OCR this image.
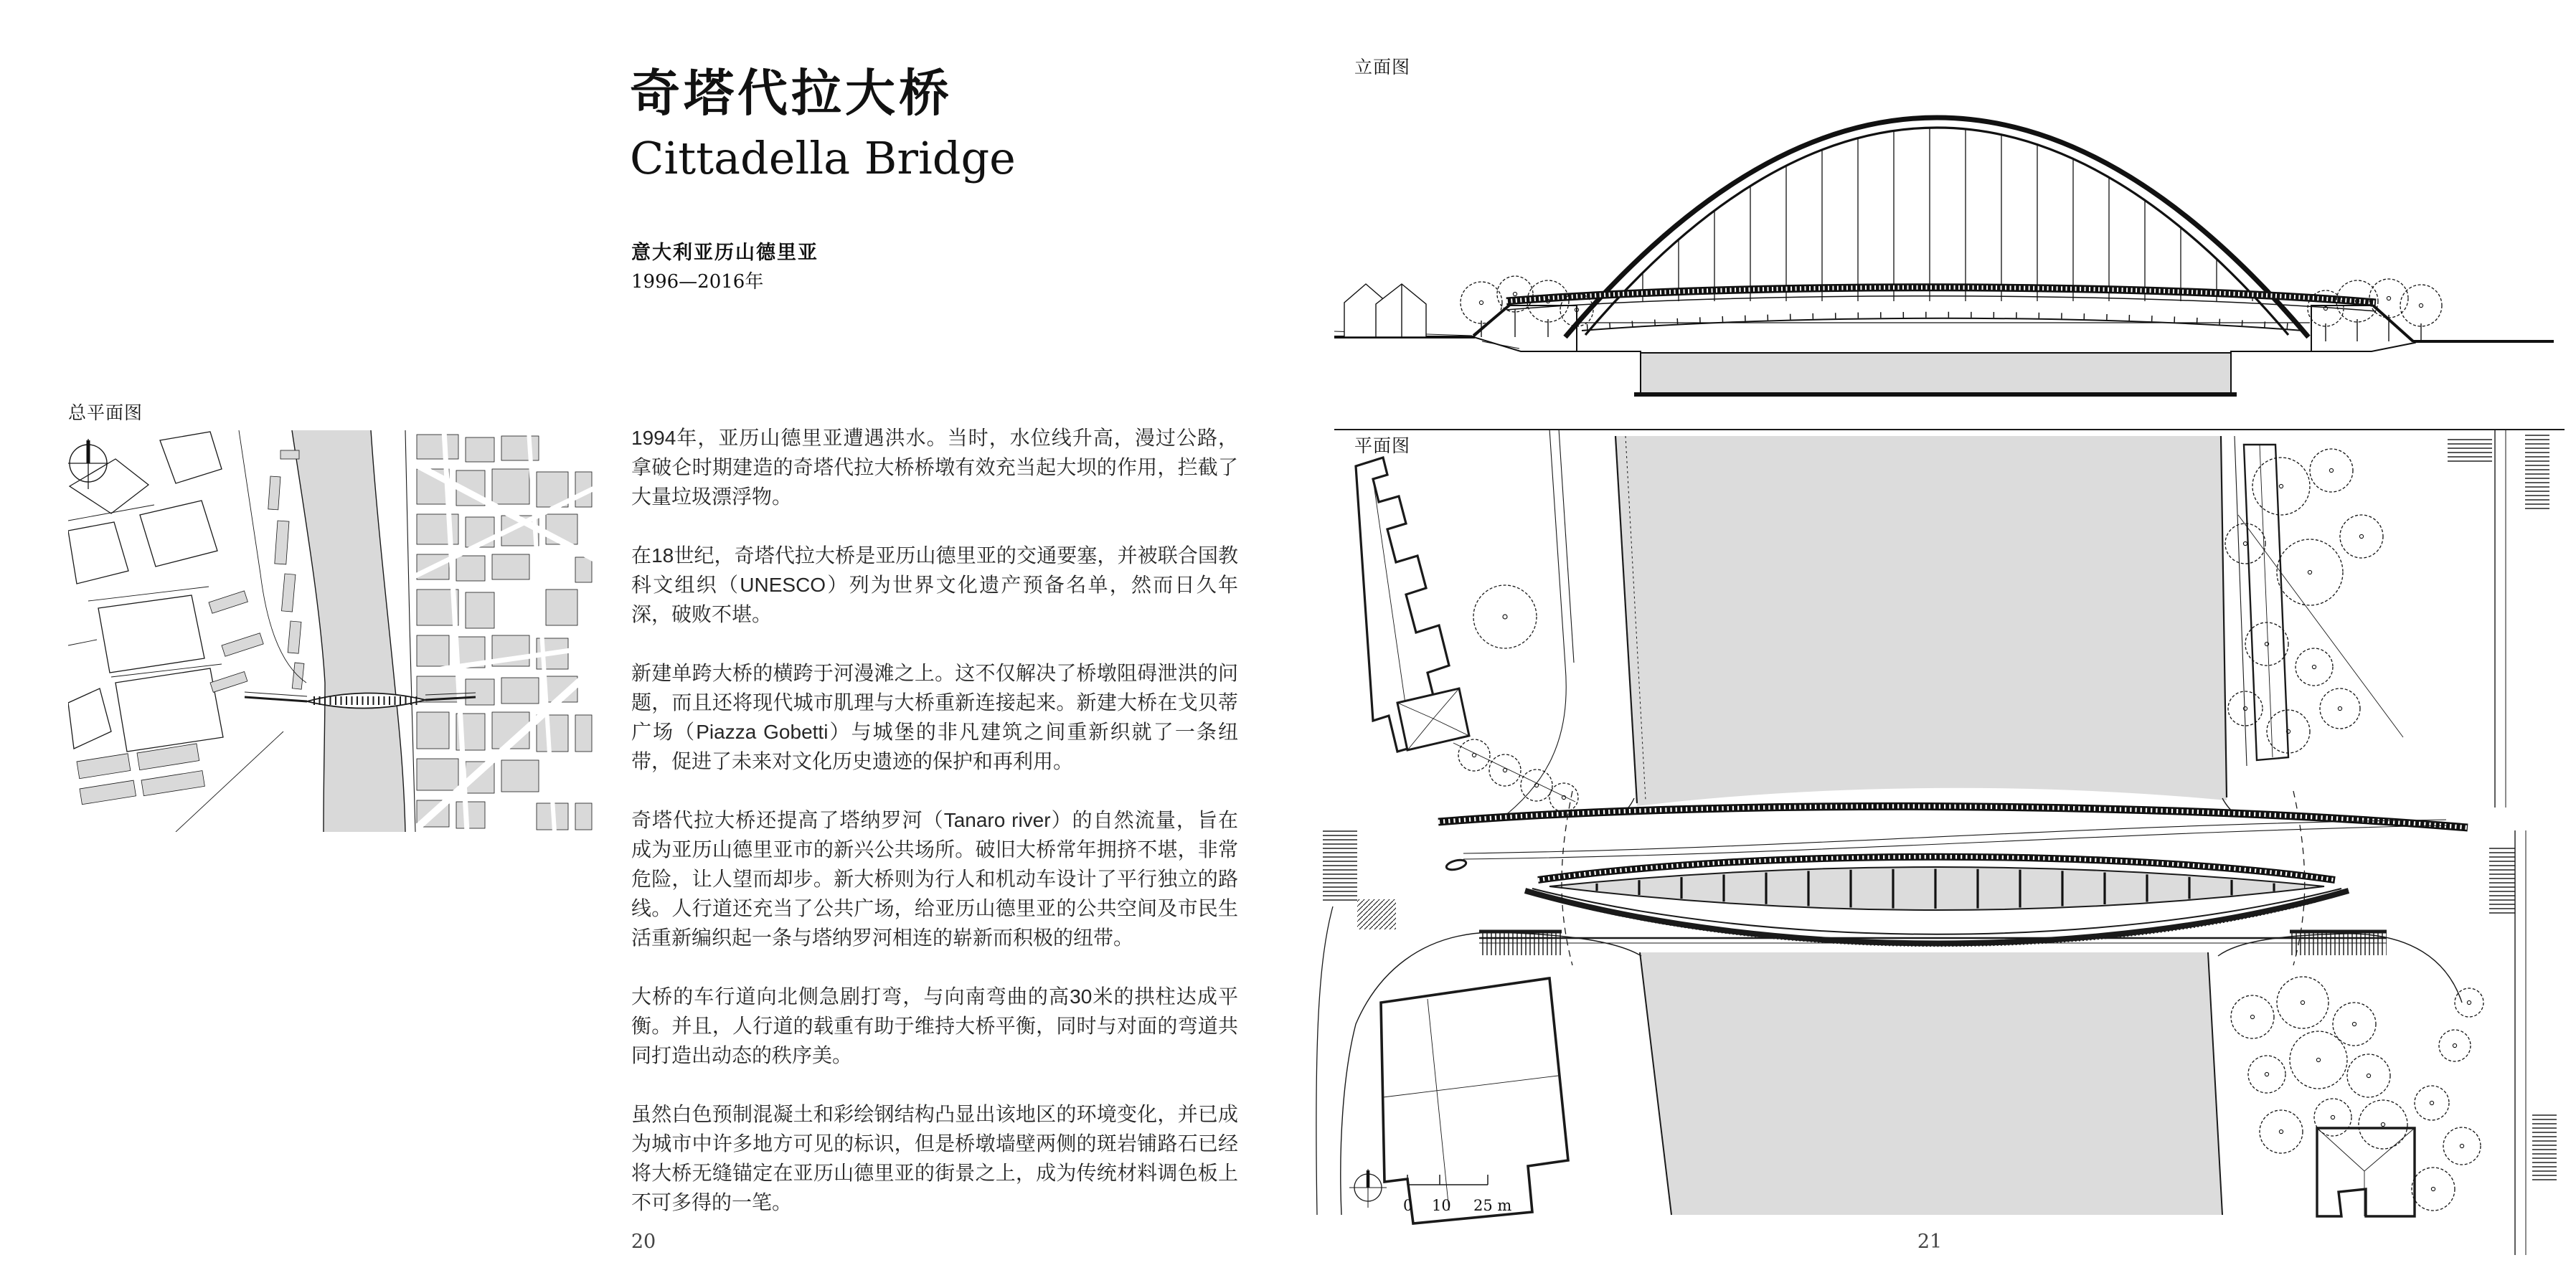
奇塔代拉大桥
Cittadella Bridge
意大利亚历山德里亚
1996—2016年
总平面图

1994年，亚历山德里亚遭遇洪水。当时，水位线升高，漫过公路，拿破仑时期建造的奇塔代拉大桥桥墩有效充当起大坝的作用，拦截了大量垃圾漂浮物。

在18世纪，奇塔代拉大桥是亚历山德里亚的交通要塞，并被联合国教科文组织（UNESCO）列为世界文化遗产预备名单，然而日久年深，破败不堪。

新建单跨大桥的横跨于河漫滩之上。这不仅解决了桥墩阻碍泄洪的问题，而且还将现代城市肌理与大桥重新连接起来。新建大桥在戈贝蒂广场（Piazza Gobetti）与城堡的非凡建筑之间重新织就了一条纽带，促进了未来对文化历史遗迹的保护和再利用。

奇塔代拉大桥还提高了塔纳罗河（Tanaro river）的自然流量，旨在成为亚历山德里亚市的新兴公共场所。破旧大桥常年拥挤不堪，非常危险，让人望而却步。新大桥则为行人和机动车设计了平行独立的路线。人行道还充当了公共广场，给亚历山德里亚的公共空间及市民生活重新编织起一条与塔纳罗河相连的崭新而积极的纽带。

大桥的车行道向北侧急剧打弯，与向南弯曲的高30米的拱柱达成平衡。并且，人行道的载重有助于维持大桥平衡，同时与对面的弯道共同打造出动态的秩序美。

虽然白色预制混凝土和彩绘钢结构凸显出该地区的环境变化，并已成为城市中许多地方可见的标识，但是桥墩墙壁两侧的斑岩铺路石已经将大桥无缝锚定在亚历山德里亚的街景之上，成为传统材料调色板上不可多得的一笔。

20
立面图
平面图
0 10 25 m
21
